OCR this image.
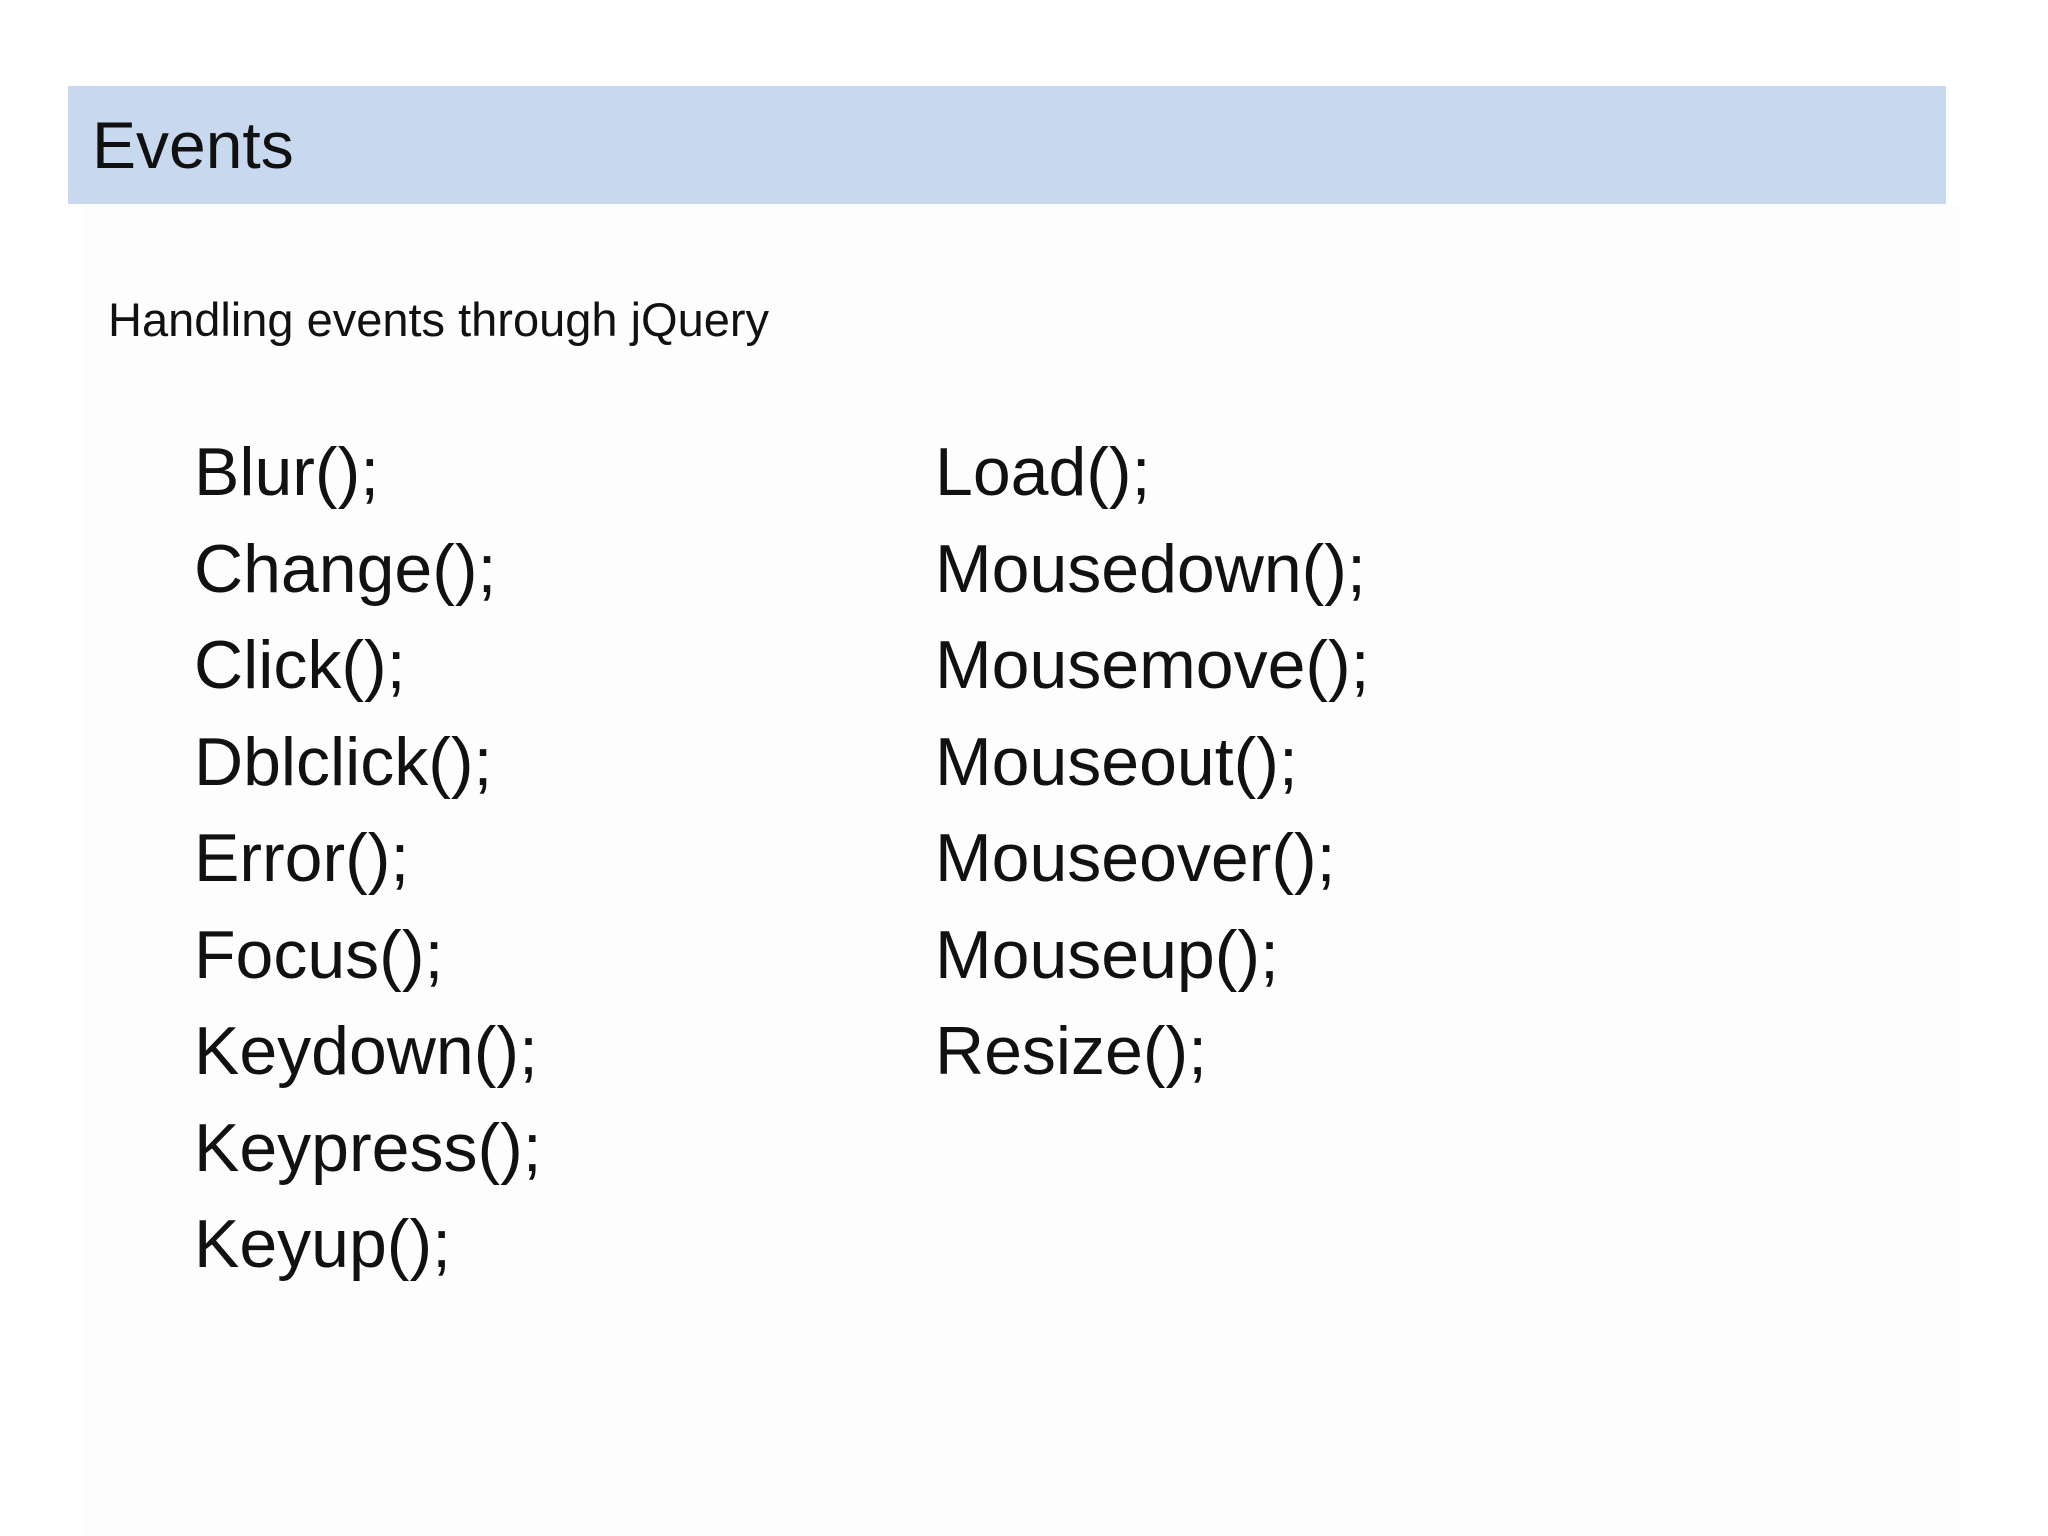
Events
Handling events through jQuery
Blur();
Change();
Click();
Dblclick();
Error();
Focus();
Keydown();
Keypress();
Keyup();
Load();
Mousedown();
Mousemove();
Mouseout();
Mouseover();
Mouseup();
Resize();
